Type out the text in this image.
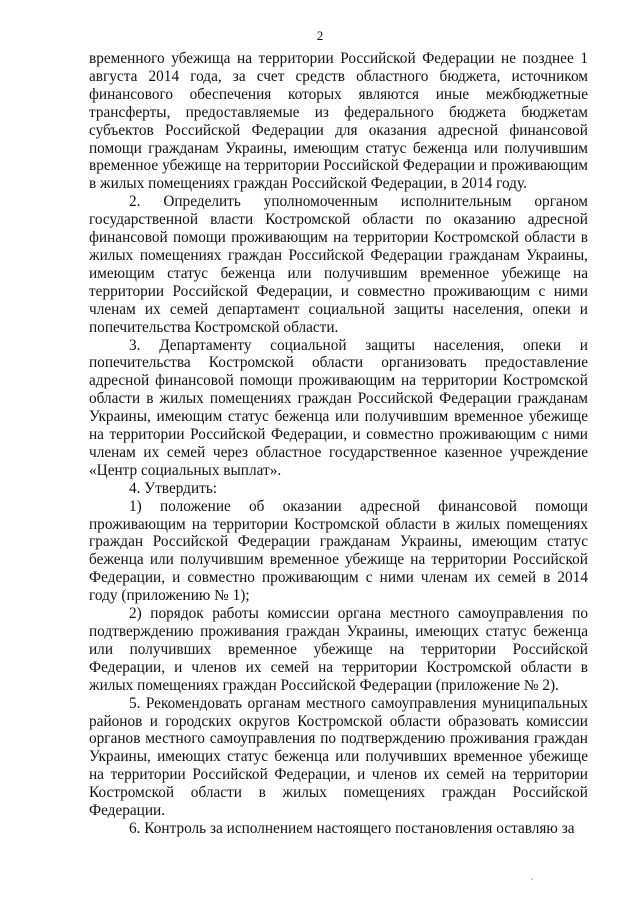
2

временного убежища на территории Российской Федерации не позднее 1 августа 2014 года, за счет средств областного бюджета, источником финансового обеспечения которых являются иные межбюджетные трансферты, предоставляемые из федерального бюджета бюджетам субъектов Российской Федерации для оказания адресной финансовой помощи гражданам Украины, имеющим статус беженца или получившим временное убежище на территории Российской Федерации и проживающим в жилых помещениях граждан Российской Федерации, в 2014 году.

2. Определить уполномоченным исполнительным органом государственной власти Костромской области по оказанию адресной финансовой помощи проживающим на территории Костромской области в жилых помещениях граждан Российской Федерации гражданам Украины, имеющим статус беженца или получившим временное убежище на территории Российской Федерации, и совместно проживающим с ними членам их семей департамент социальной защиты населения, опеки и попечительства Костромской области.

3. Департаменту социальной защиты населения, опеки и попечительства Костромской области организовать предоставление адресной финансовой помощи проживающим на территории Костромской области в жилых помещениях граждан Российской Федерации гражданам Украины, имеющим статус беженца или получившим временное убежище на территории Российской Федерации, и совместно проживающим с ними членам их семей через областное государственное казенное учреждение «Центр социальных выплат».

4. Утвердить:

1) положение об оказании адресной финансовой помощи проживающим на территории Костромской области в жилых помещениях граждан Российской Федерации гражданам Украины, имеющим статус беженца или получившим временное убежище на территории Российской Федерации, и совместно проживающим с ними членам их семей в 2014 году (приложению № 1);

2) порядок работы комиссии органа местного самоуправления по подтверждению проживания граждан Украины, имеющих статус беженца или получивших временное убежище на территории Российской Федерации, и членов их семей на территории Костромской области в жилых помещениях граждан Российской Федерации (приложение № 2).

5. Рекомендовать органам местного самоуправления муниципальных районов и городских округов Костромской области образовать комиссии органов местного самоуправления по подтверждению проживания граждан Украины, имеющих статус беженца или получивших временное убежище на территории Российской Федерации, и членов их семей на территории Костромской области в жилых помещениях граждан Российской Федерации.

6. Контроль за исполнением настоящего постановления оставляю за
